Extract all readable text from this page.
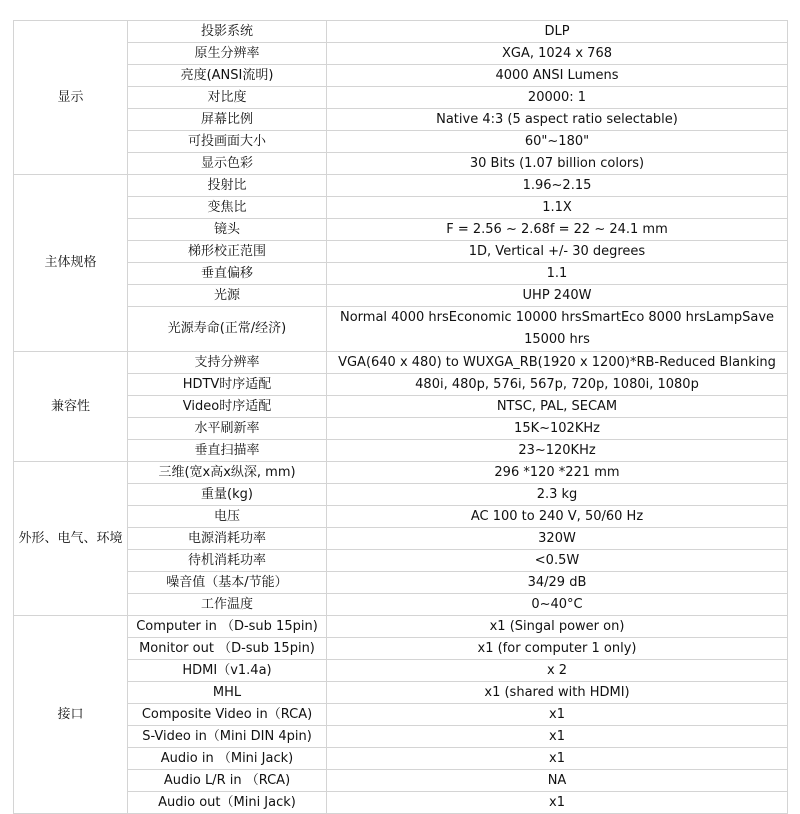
显示	投影系统	DLP
	原生分辨率	XGA, 1024 x 768
	亮度(ANSI流明)	4000 ANSI Lumens
	对比度	20000: 1
	屏幕比例	Native 4:3 (5 aspect ratio selectable)
	可投画面大小	60"~180"
	显示色彩	30 Bits (1.07 billion colors)
主体规格	投射比	1.96~2.15
	变焦比	1.1X
	镜头	F = 2.56 ~ 2.68f = 22 ~ 24.1 mm
	梯形校正范围	1D, Vertical +/- 30 degrees
	垂直偏移	1.1
	光源	UHP 240W
	光源寿命(正常/经济)	Normal 4000 hrsEconomic 10000 hrsSmartEco 8000 hrsLampSave 15000 hrs
兼容性	支持分辨率	VGA(640 x 480) to WUXGA_RB(1920 x 1200)*RB-Reduced Blanking
	HDTV时序适配	480i, 480p, 576i, 567p, 720p, 1080i, 1080p
	Video时序适配	NTSC, PAL, SECAM
	水平刷新率	15K~102KHz
	垂直扫描率	23~120KHz
外形、电气、环境	三维(宽x高x纵深, mm)	296 *120 *221 mm
	重量(kg)	2.3 kg
	电压	AC 100 to 240 V, 50/60 Hz
	电源消耗功率	320W
	待机消耗功率	<0.5W
	噪音值（基本/节能）	34/29 dB
	工作温度	0~40°C
接口	Computer in （D-sub 15pin)	x1 (Singal power on)
	Monitor out （D-sub 15pin)	x1 (for computer 1 only)
	HDMI（v1.4a)	x 2
	MHL	x1 (shared with HDMI)
	Composite Video in（RCA)	x1
	S-Video in（Mini DIN 4pin)	x1
	Audio in （Mini Jack)	x1
	Audio L/R in （RCA)	NA
	Audio out（Mini Jack)	x1
